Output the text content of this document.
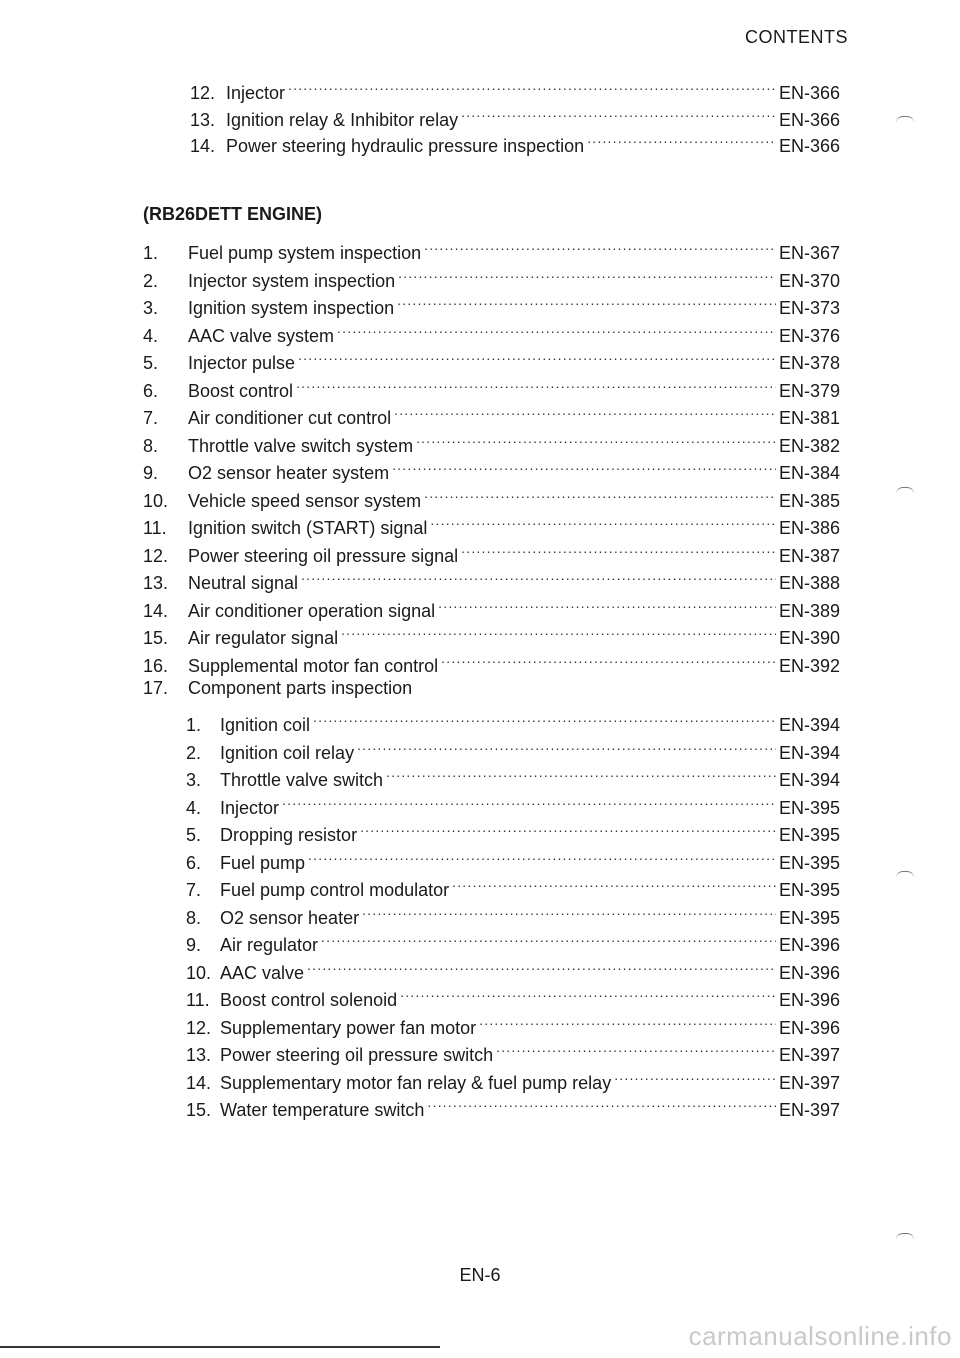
CONTENTS
12. Injector .....	EN-366
13. Ignition relay & Inhibitor relay .....	EN-366
14. Power steering hydraulic pressure inspection .....	EN-366
(RB26DETT ENGINE)
1.	Fuel pump system inspection .....	EN-367
2.	Injector system inspection .....	EN-370
3.	Ignition system inspection .....	EN-373
4.	AAC valve system .....	EN-376
5.	Injector pulse .....	EN-378
6.	Boost control .....	EN-379
7.	Air conditioner cut control .....	EN-381
8.	Throttle valve switch system .....	EN-382
9.	O2 sensor heater system .....	EN-384
10.	Vehicle speed sensor system .....	EN-385
11.	Ignition switch (START) signal .....	EN-386
12.	Power steering oil pressure signal .....	EN-387
13.	Neutral signal .....	EN-388
14.	Air conditioner operation signal .....	EN-389
15.	Air regulator signal .....	EN-390
16.	Supplemental motor fan control .....	EN-392
17.	Component parts inspection
1.	Ignition coil .....	EN-394
2.	Ignition coil relay .....	EN-394
3.	Throttle valve switch .....	EN-394
4.	Injector .....	EN-395
5.	Dropping resistor .....	EN-395
6.	Fuel pump .....	EN-395
7.	Fuel pump control modulator .....	EN-395
8.	O2 sensor heater .....	EN-395
9.	Air regulator .....	EN-396
10. AAC valve .....	EN-396
11. Boost control solenoid .....	EN-396
12. Supplementary power fan motor .....	EN-396
13. Power steering oil pressure switch .....	EN-397
14. Supplementary motor fan relay & fuel pump relay .....	EN-397
15. Water temperature switch .....	EN-397
EN-6
carmanualsonline.info
